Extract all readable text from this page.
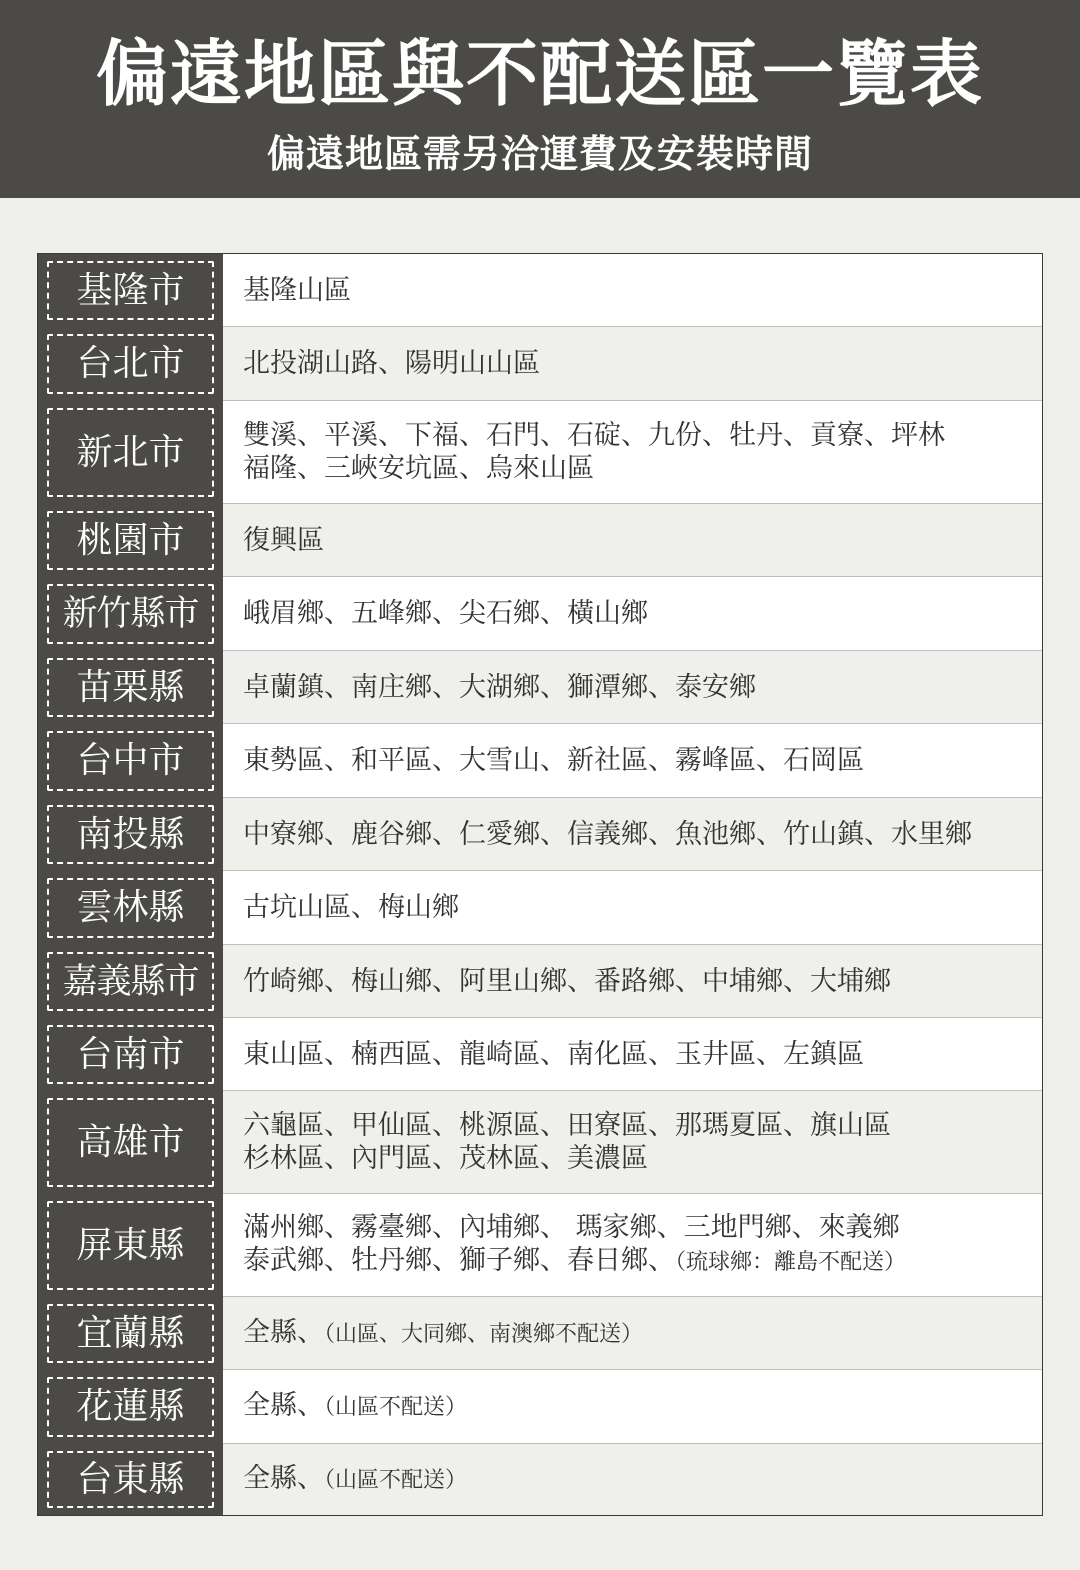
偏遠地區與不配送區一覽表
偏遠地區需另洽運費及安裝時間
基隆市	基隆山區
台北市	北投湖山路、陽明山山區
新北市	雙溪、平溪、下福、石門、石碇、九份、牡丹、貢寮、坪林
福隆、三峽安坑區、烏來山區
桃園市	復興區
新竹縣市	峨眉鄉、五峰鄉、尖石鄉、橫山鄉
苗栗縣	卓蘭鎮、南庄鄉、大湖鄉、獅潭鄉、泰安鄉
台中市	東勢區、和平區、大雪山、新社區、霧峰區、石岡區
南投縣	中寮鄉、鹿谷鄉、仁愛鄉、信義鄉、魚池鄉、竹山鎮、水里鄉
雲林縣	古坑山區、梅山鄉
嘉義縣市	竹崎鄉、梅山鄉、阿里山鄉、番路鄉、中埔鄉、大埔鄉
台南市	東山區、楠西區、龍崎區、南化區、玉井區、左鎮區
高雄市	六龜區、甲仙區、桃源區、田寮區、那瑪夏區、旗山區
杉林區、內門區、茂林區、美濃區
屏東縣	滿州鄉、霧臺鄉、內埔鄉、 瑪家鄉、三地門鄉、來義鄉
泰武鄉、牡丹鄉、獅子鄉、春日鄉、（琉球鄉：離島不配送）
宜蘭縣	全縣、（山區、大同鄉、南澳鄉不配送）
花蓮縣	全縣、（山區不配送）
台東縣	全縣、（山區不配送）
